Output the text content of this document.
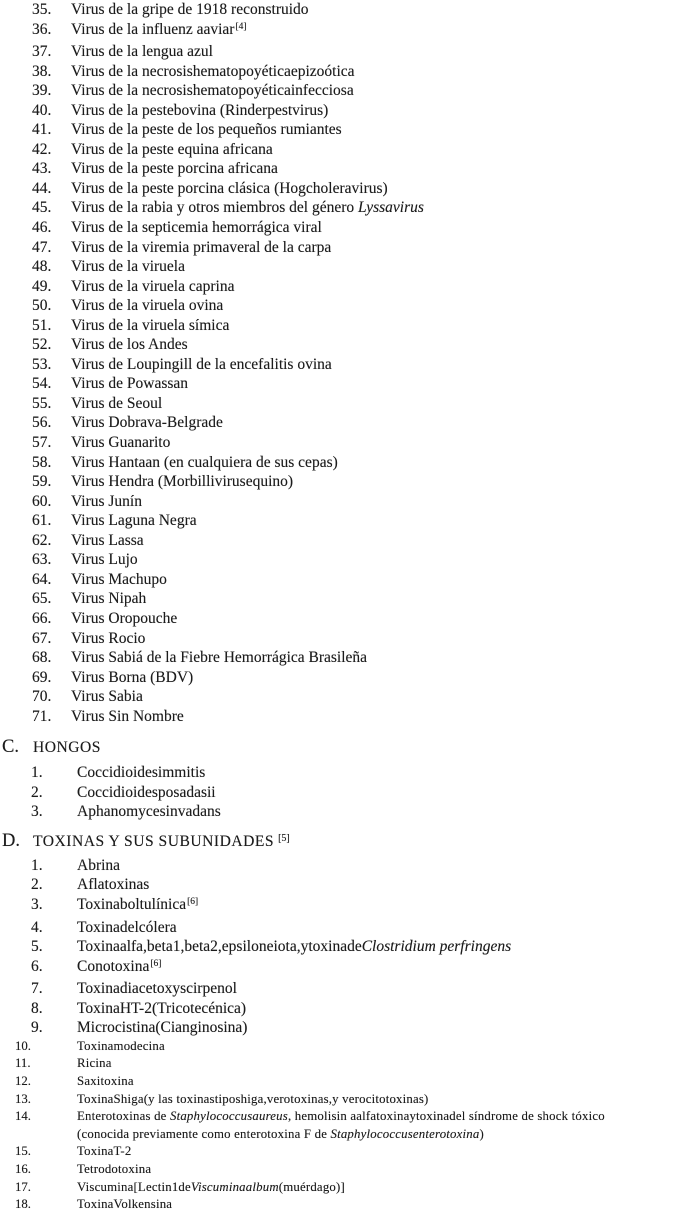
35.	Virus de la gripe de 1918 reconstruido
36.	Virus de la influenz aaviar[4]
37.	Virus de la lengua azul
38.	Virus de la necrosishematopoyéticaepizoótica
39.	Virus de la necrosishematopoyéticainfecciosa
40.	Virus de la pestebovina (Rinderpestvirus)
41.	Virus de la peste de los pequeños rumiantes
42.	Virus de la peste equina africana
43.	Virus de la peste porcina africana
44.	Virus de la peste porcina clásica (Hogcholeravirus)
45.	Virus de la rabia y otros miembros del género Lyssavirus
46.	Virus de la septicemia hemorrágica viral
47.	Virus de la viremia primaveral de la carpa
48.	Virus de la viruela
49.	Virus de la viruela caprina
50.	Virus de la viruela ovina
51.	Virus de la viruela símica
52.	Virus de los Andes
53.	Virus de Loupingill de la encefalitis ovina
54.	Virus de Powassan
55.	Virus de Seoul
56.	Virus Dobrava-Belgrade
57.	Virus Guanarito
58.	Virus Hantaan (en cualquiera de sus cepas)
59.	Virus Hendra (Morbillivirusequino)
60.	Virus Junín
61.	Virus Laguna Negra
62.	Virus Lassa
63.	Virus Lujo
64.	Virus Machupo
65.	Virus Nipah
66.	Virus Oropouche
67.	Virus Rocio
68.	Virus Sabiá de la Fiebre Hemorrágica Brasileña
69.	Virus Borna (BDV)
70.	Virus Sabia
71.	Virus Sin Nombre
C. HONGOS
1.	Coccidioidesimmitis
2.	Coccidioidesposadasii
3.	Aphanomycesinvadans
D. TOXINAS Y SUS SUBUNIDADES [5]
1.	Abrina
2.	Aflatoxinas
3.	Toxinaboltulínica[6]
4.	Toxinadelcólera
5.	Toxinaalfa,beta1,beta2,epsiloneiota,ytoxinadeClostridium perfringens
6.	Conotoxina[6]
7.	Toxinadiacetoxyscirpenol
8.	ToxinaHT-2(Tricotecénica)
9.	Microcistina(Cianginosina)
10.	Toxinamodecina
11.	Ricina
12.	Saxitoxina
13.	ToxinaShiga(y las toxinastiposhiga,verotoxinas,y verocitotoxinas)
14.	Enterotoxinas de Staphylococcusaureus, hemolisin aalfatoxinaytoxinadel síndrome de shock tóxico
(conocida previamente como enterotoxina F de Staphylococcusenterotoxina)
15.	ToxinaT-2
16.	Tetrodotoxina
17.	Viscumina[Lectin1deViscuminaalbum(muérdago)]
18.	ToxinaVolkensina
